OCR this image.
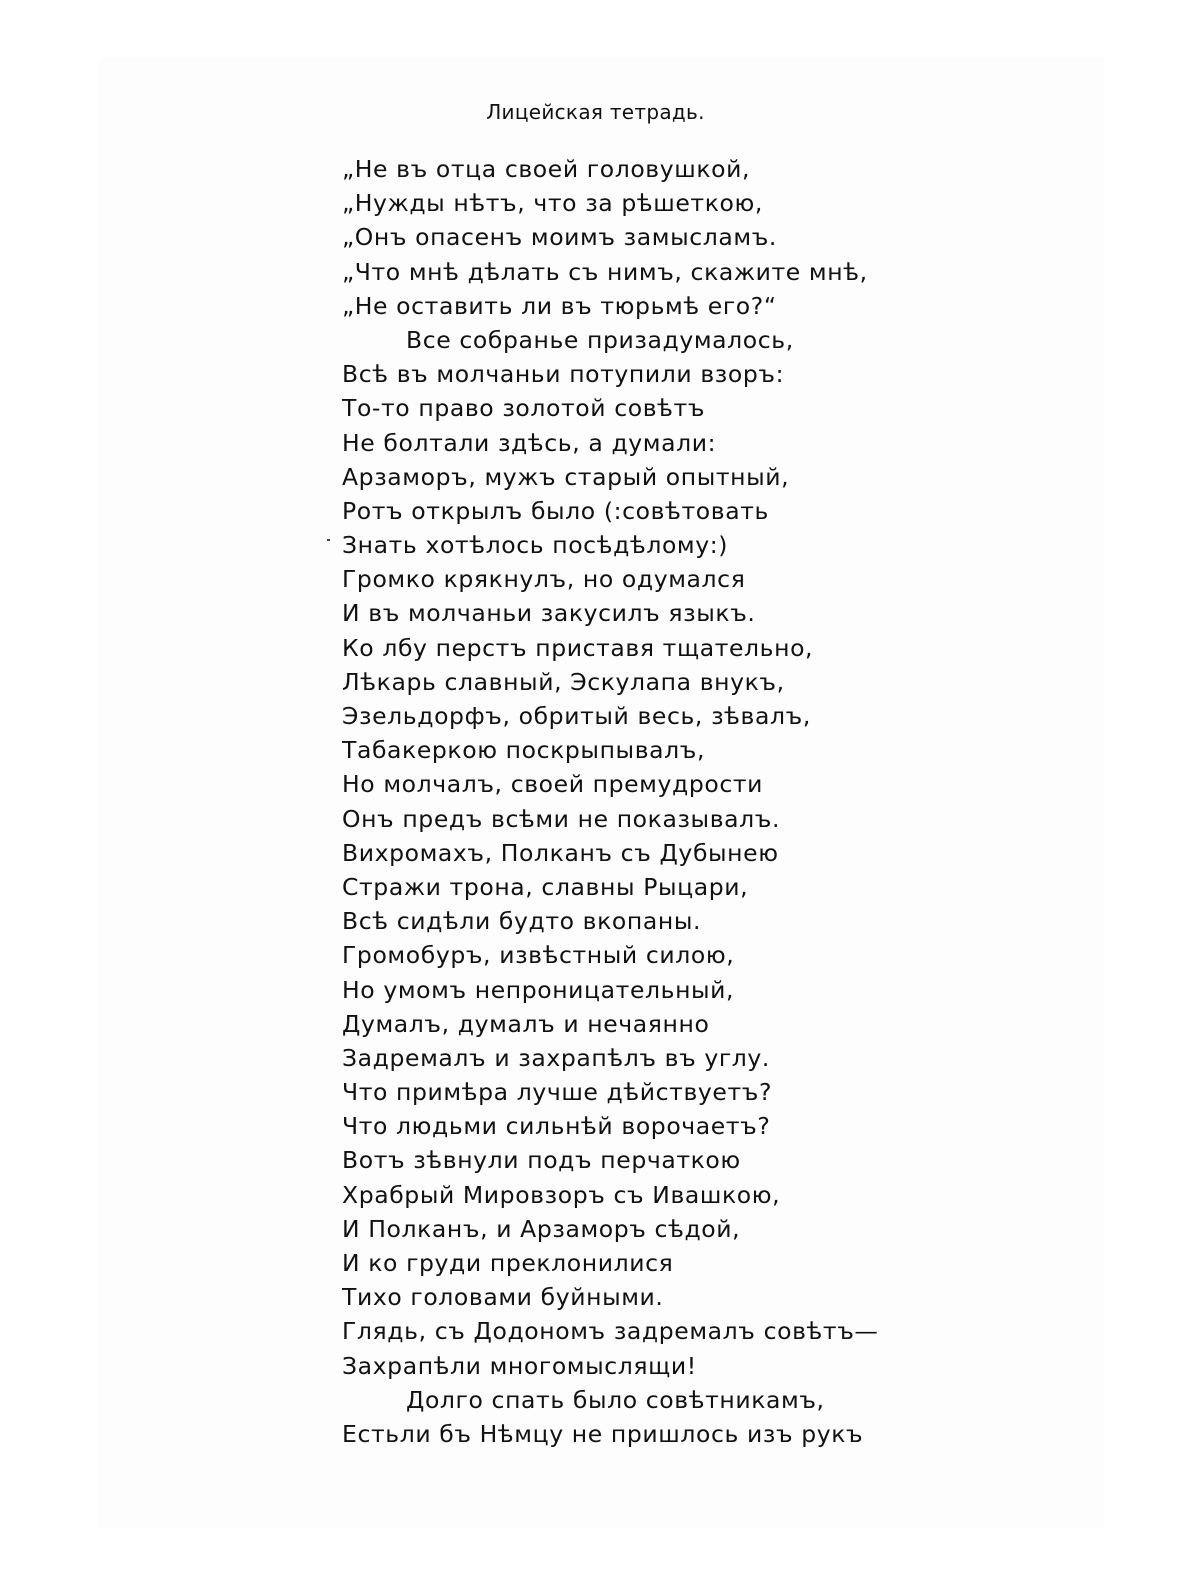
Лицейская тетрадь.
„Не въ отца своей головушкой,
„Нужды нѣтъ, что за рѣшеткою,
„Онъ опасенъ моимъ замысламъ.
„Что мнѣ дѣлать съ нимъ, скажите мнѣ,
„Не оставить ли въ тюрьмѣ его?“
Все собранье призадумалось,
Всѣ въ молчаньи потупили взоръ:
То-то право золотой совѣтъ
Не болтали здѣсь, а думали:
Арзаморъ, мужъ старый опытный,
Ротъ открылъ было (:совѣтовать
Знать хотѣлось посѣдѣлому:)
Громко крякнулъ, но одумался
И въ молчаньи закусилъ языкъ.
Ко лбу перстъ приставя тщательно,
Лѣкарь славный, Эскулапа внукъ,
Эзельдорфъ, обритый весь, зѣвалъ,
Табакеркою поскрыпывалъ,
Но молчалъ, своей премудрости
Онъ предъ всѣми не показывалъ.
Вихромахъ, Полканъ съ Дубынею
Стражи трона, славны Рыцари,
Всѣ сидѣли будто вкопаны.
Громобуръ, извѣстный силою,
Но умомъ непроницательный,
Думалъ, думалъ и нечаянно
Задремалъ и захрапѣлъ въ углу.
Что примѣра лучше дѣйствуетъ?
Что людьми сильнѣй ворочаетъ?
Вотъ зѣвнули подъ перчаткою
Храбрый Мировзоръ съ Ивашкою,
И Полканъ, и Арзаморъ сѣдой,
И ко груди преклонилися
Тихо головами буйными.
Глядь, съ Додономъ задремалъ совѣтъ—
Захрапѣли многомыслящи!
Долго спать было совѣтникамъ,
Естьли бъ Нѣмцу не пришлось изъ рукъ
